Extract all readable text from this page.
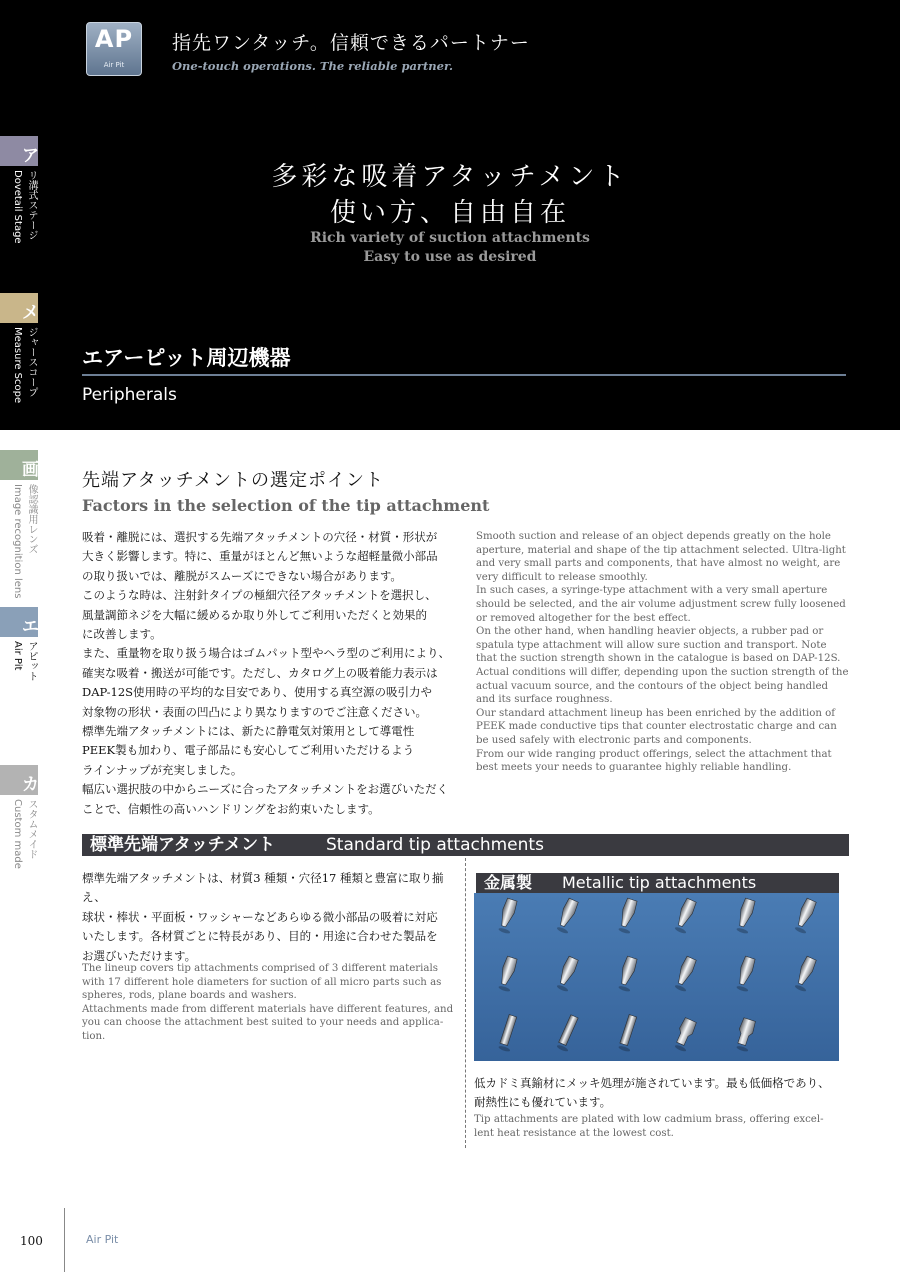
AP
Air Pit
指先ワンタッチ。信頼できるパートナー
One-touch operations. The reliable partner.
多彩な吸着アタッチメント
使い方、自由自在
Rich variety of suction attachments
Easy to use as desired
エアーピット周辺機器
Peripherals
ア
リ溝式ステージ
Dovetail Stage
メ
ジャースコープ
Measure Scope
画
像認識用レンズ
Image recognition lens
エ
アピット
Air Pit
カ
スタムメイド
Custom made
先端アタッチメントの選定ポイント
Factors in the selection of the tip attachment

吸着・離脱には、選択する先端アタッチメントの穴径・材質・形状が

大きく影響します。特に、重量がほとんど無いような超軽量微小部品

の取り扱いでは、離脱がスムーズにできない場合があります。

このような時は、注射針タイプの極細穴径アタッチメントを選択し、

風量調節ネジを大幅に緩めるか取り外してご利用いただくと効果的

に改善します。

また、重量物を取り扱う場合はゴムパット型やヘラ型のご利用により、

確実な吸着・搬送が可能です。ただし、カタログ上の吸着能力表示は

DAP-12S使用時の平均的な目安であり、使用する真空源の吸引力や

対象物の形状・表面の凹凸により異なりますのでご注意ください。

標準先端アタッチメントには、新たに静電気対策用として導電性

PEEK製も加わり、電子部品にも安心してご利用いただけるよう

ラインナップが充実しました。

幅広い選択肢の中からニーズに合ったアタッチメントをお選びいただく

ことで、信頼性の高いハンドリングをお約束いたします。

Smooth suction and release of an object depends greatly on the hole

aperture, material and shape of the tip attachment selected. Ultra-light

and very small parts and components, that have almost no weight, are

very difficult to release smoothly.

In such cases, a syringe-type attachment with a very small aperture

should be selected, and the air volume adjustment screw fully loosened

or removed altogether for the best effect.

On the other hand, when handling heavier objects, a rubber pad or

spatula type attachment will allow sure suction and transport. Note

that the suction strength shown in the catalogue is based on DAP-12S.

Actual conditions will differ, depending upon the suction strength of the

actual vacuum source, and the contours of the object being handled

and its surface roughness.

Our standard attachment lineup has been enriched by the addition of

PEEK made conductive tips that counter electrostatic charge and can

be used safely with electronic parts and components.

From our wide ranging product offerings, select the attachment that

best meets your needs to guarantee highly reliable handling.

標準先端アタッチメント	Standard tip attachments

標準先端アタッチメントは、材質3 種類・穴径17 種類と豊富に取り揃え、

球状・棒状・平面板・ワッシャーなどあらゆる微小部品の吸着に対応

いたします。各材質ごとに特長があり、目的・用途に合わせた製品を

お選びいただけます。

The lineup covers tip attachments comprised of 3 different materials

with 17 different hole diameters for suction of all micro parts such as

spheres, rods, plane boards and washers.

Attachments made from different materials have different features, and

you can choose the attachment best suited to your needs and applica-

tion.

金属製 Metallic tip attachments

低カドミ真鍮材にメッキ処理が施されています。最も低価格であり、

耐熱性にも優れています。

Tip attachments are plated with low cadmium brass, offering excel-

lent heat resistance at the lowest cost.

100	Air Pit
